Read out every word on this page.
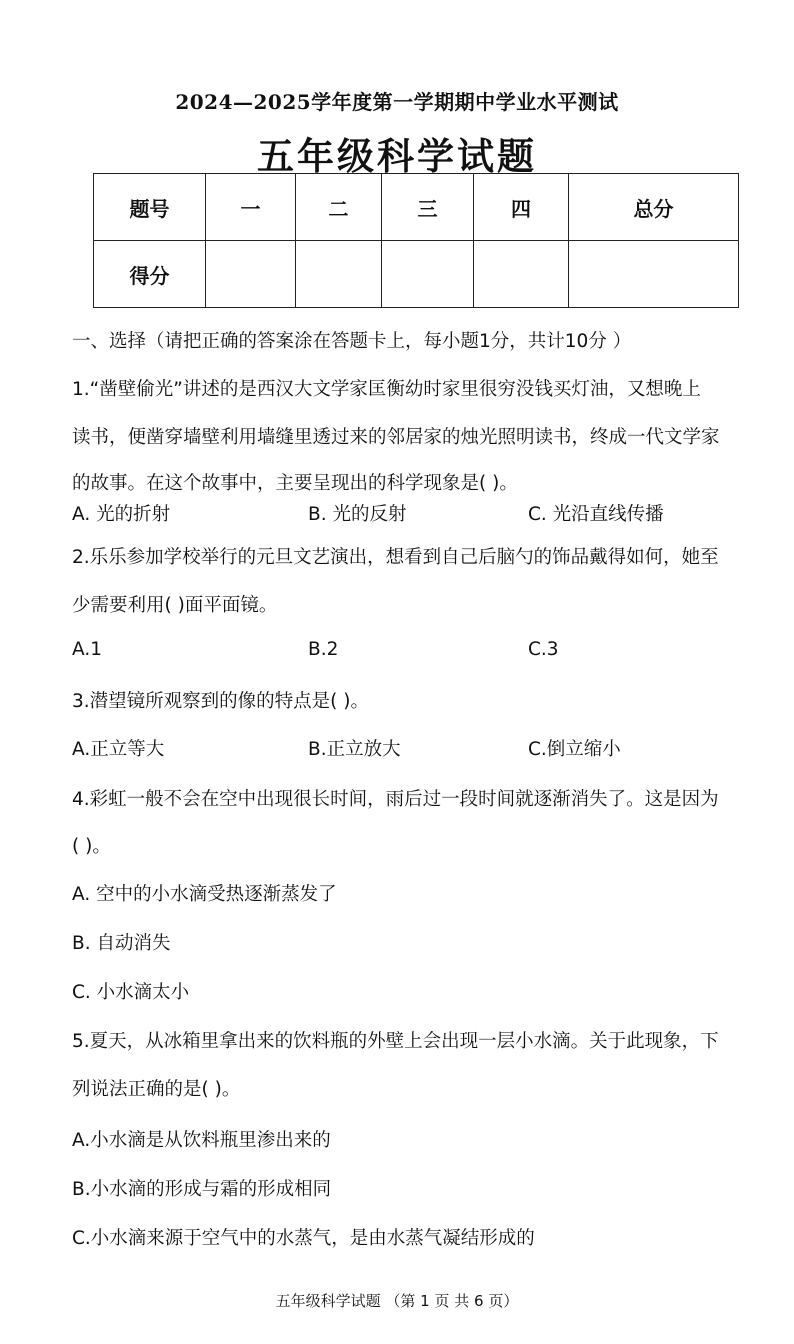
2024—2025学年度第一学期期中学业水平测试
五年级科学试题
题号	一	二	三	四	总分
得分					
一、选择（请把正确的答案涂在答题卡上，每小题1分，共计10分 ）
1.“凿壁偷光”讲述的是西汉大文学家匡衡幼时家里很穷没钱买灯油，又想晚上
读书，便凿穿墙壁利用墙缝里透过来的邻居家的烛光照明读书，终成一代文学家
的故事。在这个故事中，主要呈现出的科学现象是( )。
A. 光的折射	B. 光的反射	C. 光沿直线传播
2.乐乐参加学校举行的元旦文艺演出，想看到自己后脑勺的饰品戴得如何，她至
少需要利用( )面平面镜。
A.1	B.2	C.3
3.潜望镜所观察到的像的特点是( )。
A.正立等大	B.正立放大	C.倒立缩小
4.彩虹一般不会在空中出现很长时间，雨后过一段时间就逐渐消失了。这是因为
( )。
A. 空中的小水滴受热逐渐蒸发了
B. 自动消失
C. 小水滴太小
5.夏天，从冰箱里拿出来的饮料瓶的外壁上会出现一层小水滴。关于此现象，下
列说法正确的是( )。
A.小水滴是从饮料瓶里渗出来的
B.小水滴的形成与霜的形成相同
C.小水滴来源于空气中的水蒸气，是由水蒸气凝结形成的
五年级科学试题 （第 1 页 共 6 页）
